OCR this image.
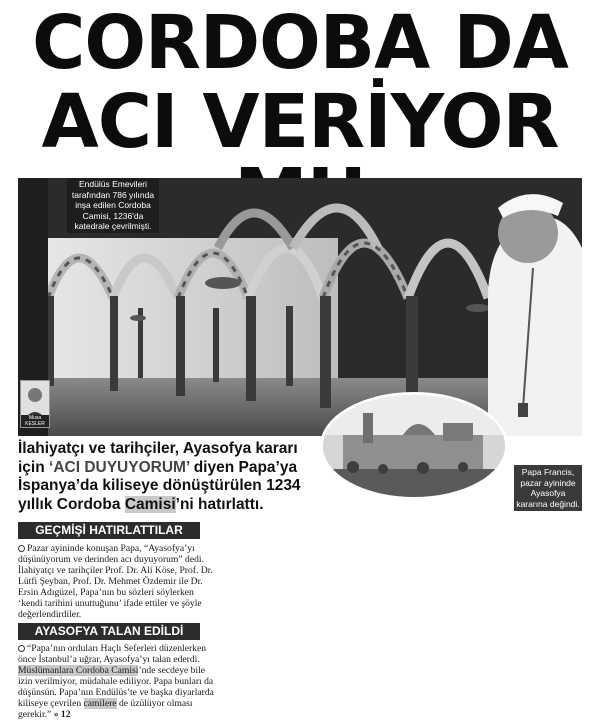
CORDOBA DA
ACI VERİYOR
Endülüs Emevileri tarafından 786 yılında inşa edilen Cordoba Camisi, 1236'da katedrale çevrilmişti.
Musa KESLER
Papa Francis, pazar ayininde Ayasofya kararına değindi.
İlahiyatçı ve tarihçiler, Ayasofya kararı için ‘ACI DUYUYORUM’ diyen Papa’ya İspanya’da kiliseye dönüştürülen 1234 yıllık Cordoba Camisi’ni hatırlattı.
GEÇMİŞİ HATIRLATTILAR
Pazar ayininde konuşan Papa, “Ayasofya’yı düşünüyorum ve derinden acı duyuyorum” dedi. İlahiyatçı ve tarihçiler Prof. Dr. Ali Köse, Prof. Dr. Lütfi Şeyban, Prof. Dr. Mehmet Özdemir ile Dr. Ersin Adıgüzel, Papa’nın bu sözleri söylerken ‘kendi tarihini unuttuğunu’ ifade ettiler ve şöyle değerlendirdiler.
AYASOFYA TALAN EDİLDİ
“Papa’nın orduları Haçlı Seferleri düzenlerken önce İstanbul’a uğrar, Ayasofya’yı talan ederdi. Müslümanlara Cordoba Camisi’nde secdeye bile izin verilmiyor, müdahale ediliyor. Papa bunları da düşünsün. Papa’nın Endülüs’te ve başka diyarlarda kiliseye çevrilen camilere de üzülüyor olması gerekir.” » 12
